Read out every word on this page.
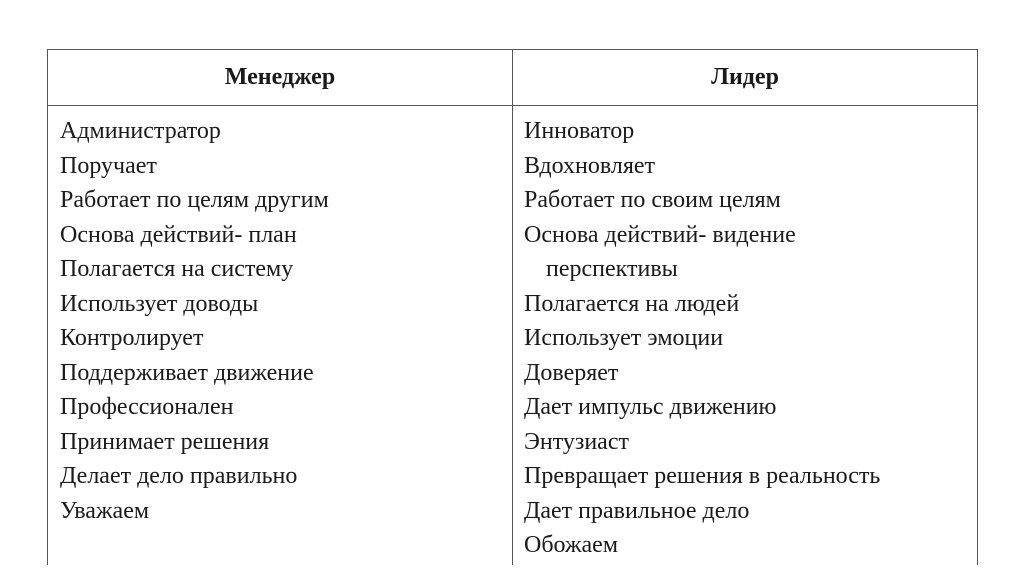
Менеджер	Лидер
Администратор
Поручает
Работает по целям другим
Основа действий- план
Полагается на систему
Использует доводы
Контролирует
Поддерживает движение
Профессионален
Принимает решения
Делает дело правильно
Уважаем
Инноватор
Вдохновляет
Работает по своим целям
Основа действий- видение
перспективы
Полагается на людей
Использует эмоции
Доверяет
Дает импульс движению
Энтузиаст
Превращает решения в реальность
Дает правильное дело
Обожаем
